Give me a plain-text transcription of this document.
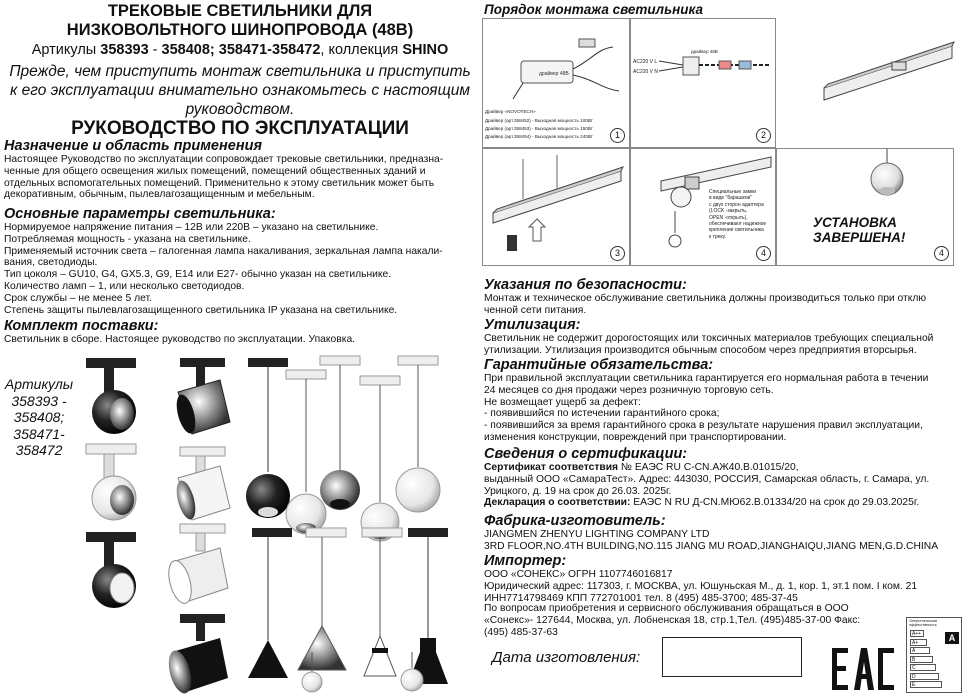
ТРЕКОВЫЕ СВЕТИЛЬНИКИ ДЛЯ
НИЗКОВОЛЬТНОГО ШИНОПРОВОДА (48В)
Артикулы 358393 - 358408; 358471-358472, коллекция SHINO
Прежде, чем приступить монтаж светильника и приступить
к его эксплуатации внимательно ознакомьтесь с настоящим
руководством.
РУКОВОДСТВО ПО ЭКСПЛУАТАЦИИ
Назначение и область применения

Настоящее Руководство по эксплуатации сопровождает трековые светильники, предназна-

ченные для общего освещения жилых помещений, помещений общественных зданий и

отдельных вспомогательных помещений. Применительно к этому светильник может быть

декоративным, обычным, пылевлагозащищенным и мебельным.

Основные параметры светильника:

Нормируемое напряжение питания – 12В или 220В – указано на светильнике.

Потребляемая мощность - указана на светильнике.

Применяемый источник света – галогенная лампа накаливания, зеркальная лампа накали-

вания, светодиоды.

Тип цоколя – GU10, G4, GX5.3, G9, E14 или E27- обычно указан на светильнике.

Количество ламп – 1, или несколько светодиодов.

Срок службы – не менее 5 лет.

Степень защиты пылевлагозащищенного светильника IP указана на светильнике.

Комплект поставки:
Светильник в сборе. Настоящее руководство по эксплуатации. Упаковка.
Артикулы
358393 -
358408;
358471-
358472
Порядок монтажа светильника
драйвер 48В
Драйвер «NOVOTECH»
Драйвер (арт.358452) - Выходная мощность 100Вт
Драйвер (арт.358453) - Выходная мощность 150Вт
Драйвер (арт.358454) - Выходная мощность 240Вт	1
AC220 V L
AC220 V N
драйвер 48В
2
3
Специальные замки
в виде "барашков"
с двух сторон адаптера
(LOCK -закрыть,
OPEN -открыть),
обеспечивают надежное
крепление светильника
к треку.
4
УСТАНОВКА
ЗАВЕРШЕНА!
4
Указания по безопасности:

Монтаж и техническое обслуживание светильника должны производиться только при отклю

ченной сети питания.

Утилизация:

Светильник не содержит дорогостоящих или токсичных материалов требующих специальной

утилизации. Утилизация производится обычным способом через предприятия вторсырья.

Гарантийные обязательства:

При правильной эксплуатации светильника гарантируется его нормальная работа в течении

24 месяцев со дня продажи через розничную торговую сеть.

Не возмещает ущерб за дефект:

- появившийся по истечении гарантийного срока;

- появившийся за время гарантийного срока в результате нарушения правил эксплуатации,

изменения конструкции, повреждений при транспортировании.

Сведения о сертификации:

Сертификат соответствия № ЕАЭС RU С-CN.АЖ40.В.01015/20,

выданный ООО «СамараТест». Адрес: 443030, РОССИЯ, Самарская область, г. Самара, ул.

Урицкого, д. 19 на срок до 26.03. 2025г.

Декларация о соответствии: ЕАЭС N RU Д-CN.МЮ62.В.01334/20 на срок до 29.03.2025г.

Фабрика-изготовитель:

JIANGMEN ZHENYU LIGHTING COMPANY LTD

3RD FLOOR,NO.4TH BUILDING,NO.115 JIANG MU ROAD,JIANGHAIQU,JIANG MEN,G.D.CHINA

Импортер:

ООО «СОНЕКС» ОГРН 1107746016817

Юридический адрес: 117303, г. МОСКВА, ул. Юшуньская М., д. 1, кор. 1, эт.1 пом. I ком. 21

ИНН7714798469 КПП 772701001 тел. 8 (495) 485-3700; 485-37-45

По вопросам приобретения и сервисного обслуживания обращаться в ООО

«Сонекс»- 127644, Москва, ул. Лобненская 18, стр.1,Тел. (495)485-37-00 Факс:

(495) 485-37-63

Дата изготовления:
Энергетическая эффективность
A
A++
A+
A
B
C
D
E
